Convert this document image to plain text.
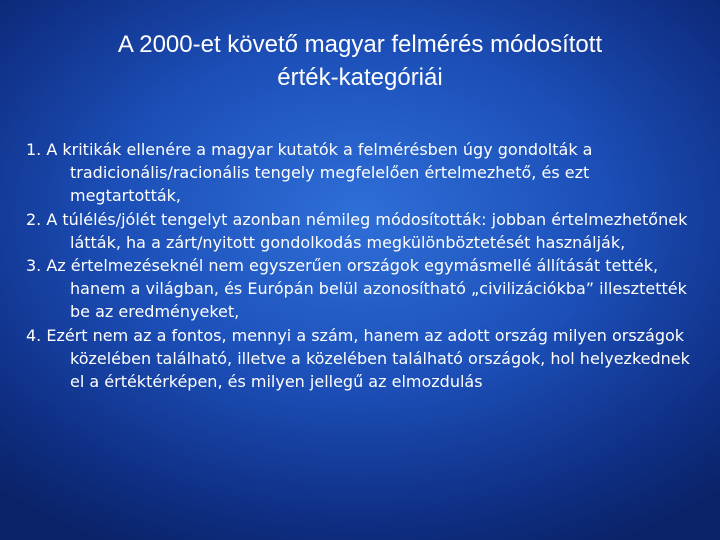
A 2000-et követő magyar felmérés módosított
érték-kategóriái
1. A kritikák ellenére a magyar kutatók a felmérésben úgy gondolták a tradicionális/racionális tengely megfelelően értelmezhető, és ezt megtartották,
2. A túlélés/jólét tengelyt azonban némileg módosították: jobban értelmezhetőnek látták, ha a zárt/nyitott gondolkodás megkülönböztetését használják,
3. Az értelmezéseknél nem egyszerűen országok egymásmellé állítását tették, hanem a világban, és Európán belül azonosítható „civilizációkba” illesztették be az eredményeket,
4. Ezért nem az a fontos, mennyi a szám, hanem az adott ország milyen országok közelében található, illetve a közelében található országok, hol helyezkednek el a értéktérképen, és milyen jellegű az elmozdulás
